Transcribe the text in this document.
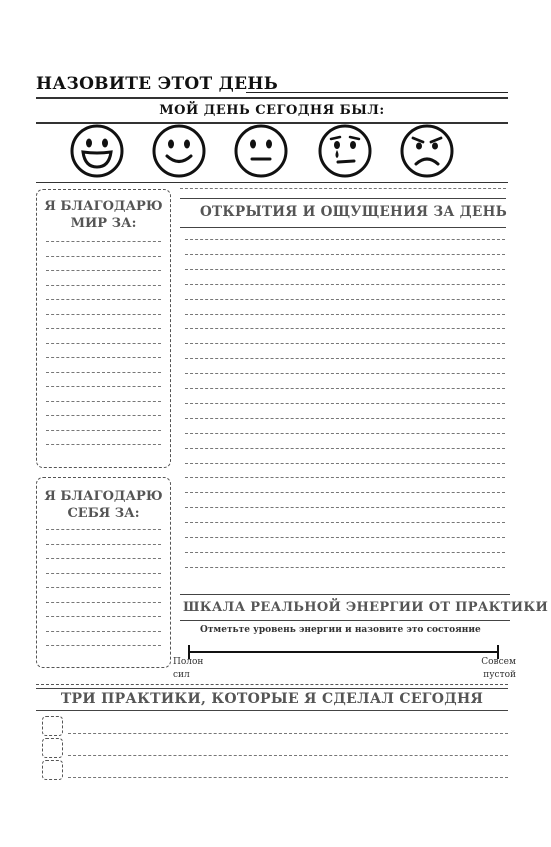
НАЗОВИТЕ ЭТОТ ДЕНЬ
МОЙ ДЕНЬ СЕГОДНЯ БЫЛ:
Я БЛАГОДАРЮ МИР ЗА:
Я БЛАГОДАРЮ СЕБЯ ЗА:
ОТКРЫТИЯ И ОЩУЩЕНИЯ ЗА ДЕНЬ
ШКАЛА РЕАЛЬНОЙ ЭНЕРГИИ ОТ ПРАКТИКИ
Отметьте уровень энергии и назовите это состояние
Полон сил
Совсем пустой
ТРИ ПРАКТИКИ, КОТОРЫЕ Я СДЕЛАЛ СЕГОДНЯ
